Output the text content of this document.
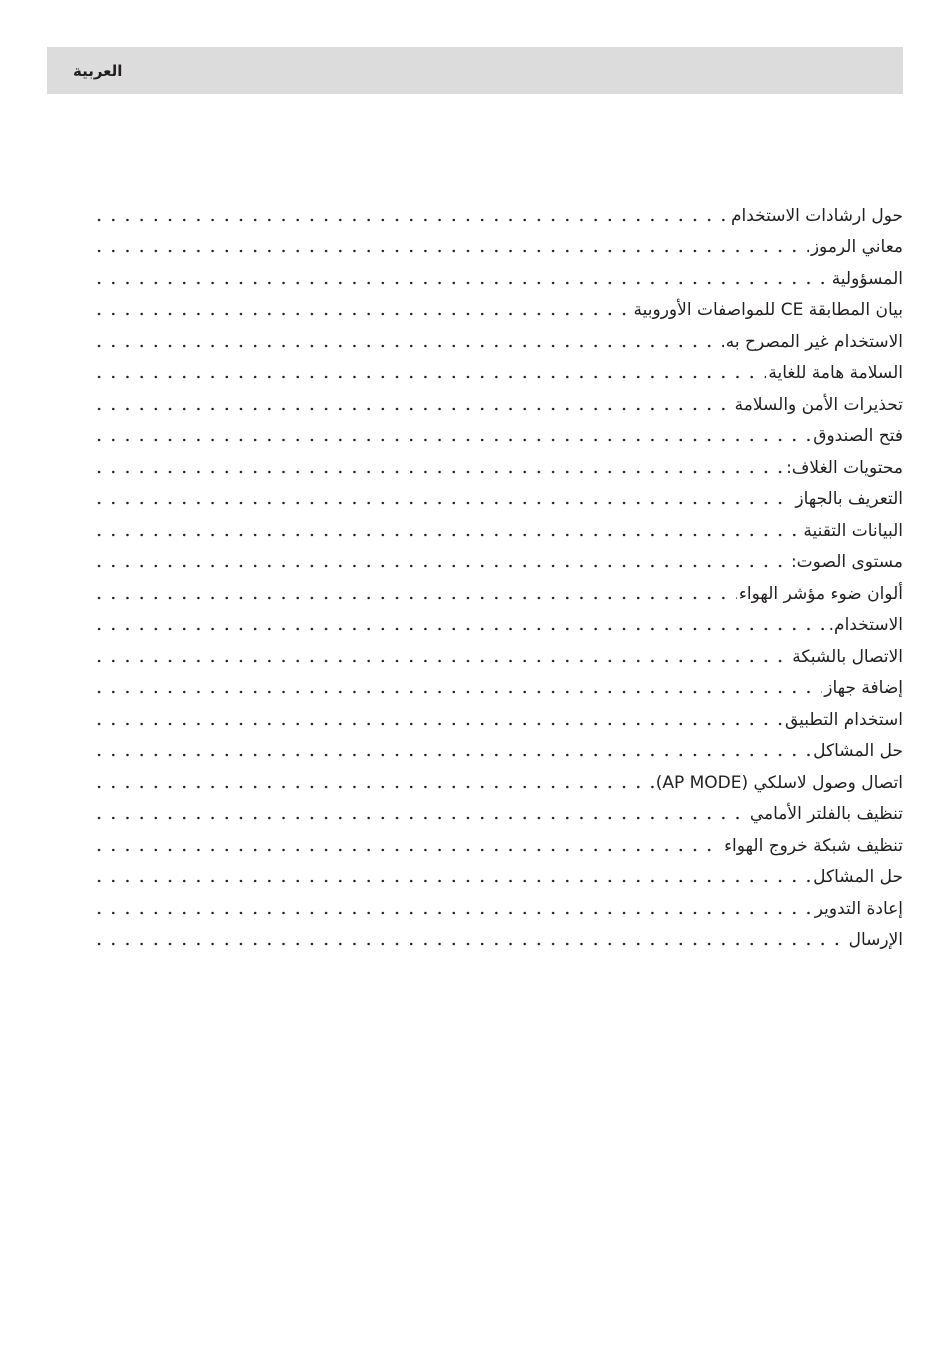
العربية
حول ارشادات الاستخدام
معاني الرموز
المسؤولية
بيان المطابقة CE للمواصفات الأوروبية
الاستخدام غير المصرح به
السلامة هامة للغاية
تحذيرات الأمن والسلامة
فتح الصندوق
محتويات الغلاف:
التعريف بالجهاز
البيانات التقنية
مستوى الصوت:
ألوان ضوء مؤشر الهواء
الاستخدام.
الاتصال بالشبكة
إضافة جهاز
استخدام التطبيق
حل المشاكل
اتصال وصول لاسلكي (AP MODE)
تنظيف بالفلتر الأمامي
تنظيف شبكة خروج الهواء
حل المشاكل
إعادة التدوير
الإرسال
